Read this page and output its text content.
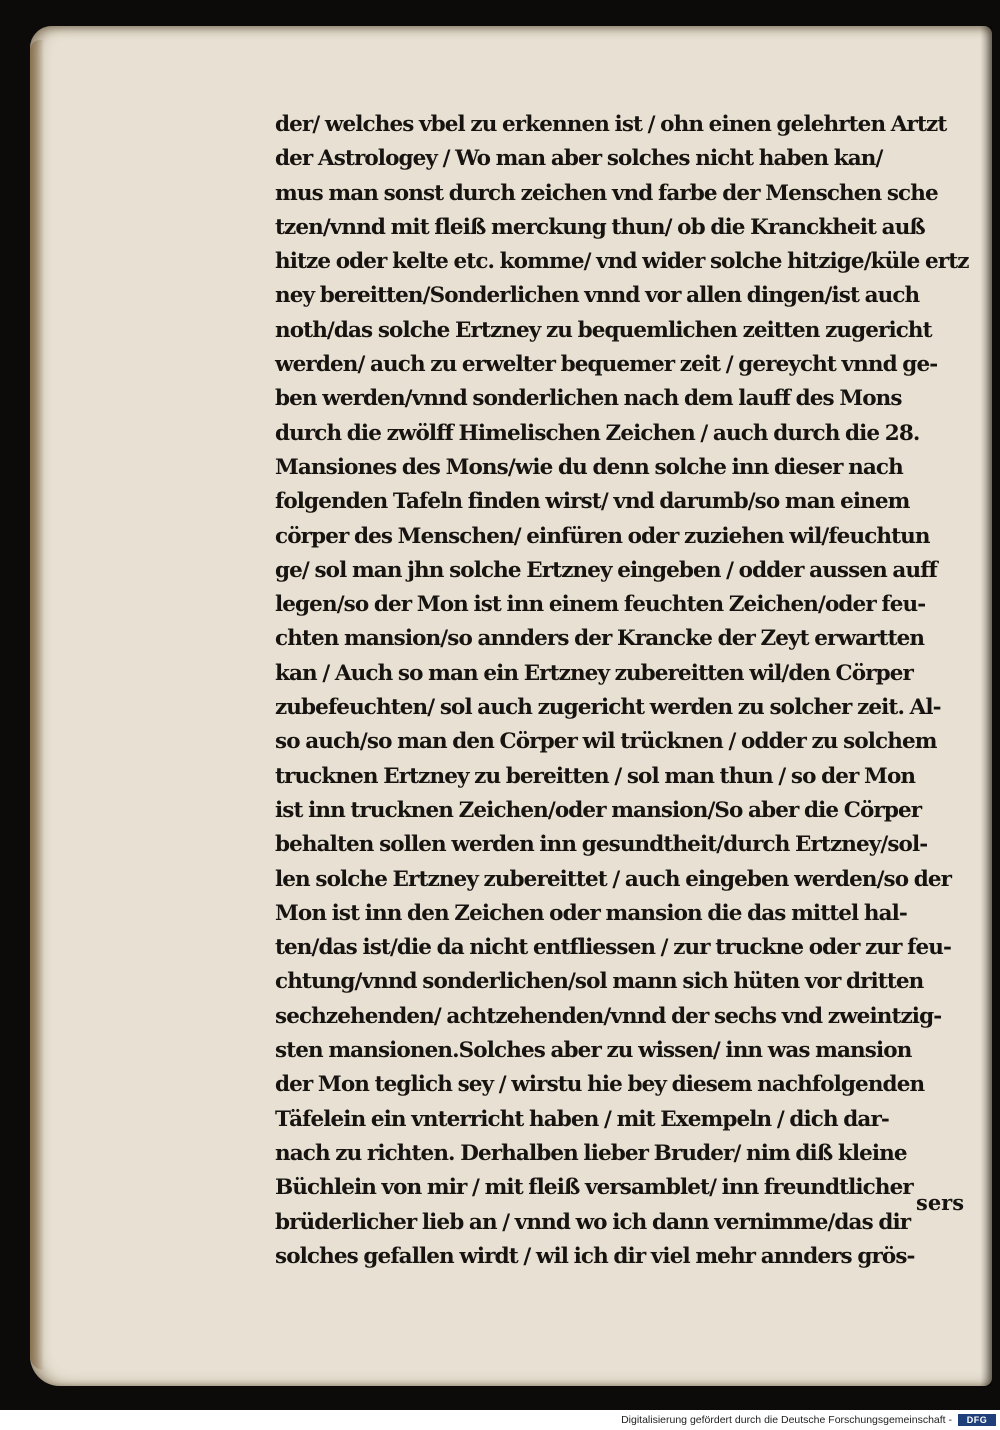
der/ welches vbel zu erkennen ist / ohn einen gelehrten Artzt
der Astrologey / Wo man aber solches nicht haben kan/
mus man sonst durch zeichen vnd farbe der Menschen sche
tzen/vnnd mit fleiß merckung thun/ ob die Kranckheit auß
hitze oder kelte etc. komme/ vnd wider solche hitzige/küle ertz
ney bereitten/Sonderlichen vnnd vor allen dingen/ist auch
noth/das solche Ertzney zu bequemlichen zeitten zugericht
werden/ auch zu erwelter bequemer zeit / gereycht vnnd ge-
ben werden/vnnd sonderlichen nach dem lauff des Mons
durch die zwölff Himelischen Zeichen / auch durch die 28.
Mansiones des Mons/wie du denn solche inn dieser nach
folgenden Tafeln finden wirst/ vnd darumb/so man einem
cörper des Menschen/ einfüren oder zuziehen wil/feuchtun
ge/ sol man jhn solche Ertzney eingeben / odder aussen auff
legen/so der Mon ist inn einem feuchten Zeichen/oder feu-
chten mansion/so annders der Krancke der Zeyt erwartten
kan / Auch so man ein Ertzney zubereitten wil/den Cörper
zubefeuchten/ sol auch zugericht werden zu solcher zeit. Al-
so auch/so man den Cörper wil trücknen / odder zu solchem
trucknen Ertzney zu bereitten / sol man thun / so der Mon
ist inn trucknen Zeichen/oder mansion/So aber die Cörper
behalten sollen werden inn gesundtheit/durch Ertzney/sol-
len solche Ertzney zubereittet / auch eingeben werden/so der
Mon ist inn den Zeichen oder mansion die das mittel hal-
ten/das ist/die da nicht entfliessen / zur truckne oder zur feu-
chtung/vnnd sonderlichen/sol mann sich hüten vor dritten
sechzehenden/ achtzehenden/vnnd der sechs vnd zweintzig-
sten mansionen.Solches aber zu wissen/ inn was mansion
der Mon teglich sey / wirstu hie bey diesem nachfolgenden
Täfelein ein vnterricht haben / mit Exempeln / dich dar-
nach zu richten. Derhalben lieber Bruder/ nim diß kleine
Büchlein von mir / mit fleiß versamblet/ inn freundtlicher
brüderlicher lieb an / vnnd wo ich dann vernimme/das dir
solches gefallen wirdt / wil ich dir viel mehr annders grös-
sers
Digitalisierung gefördert durch die Deutsche Forschungsgemeinschaft -	DFG
